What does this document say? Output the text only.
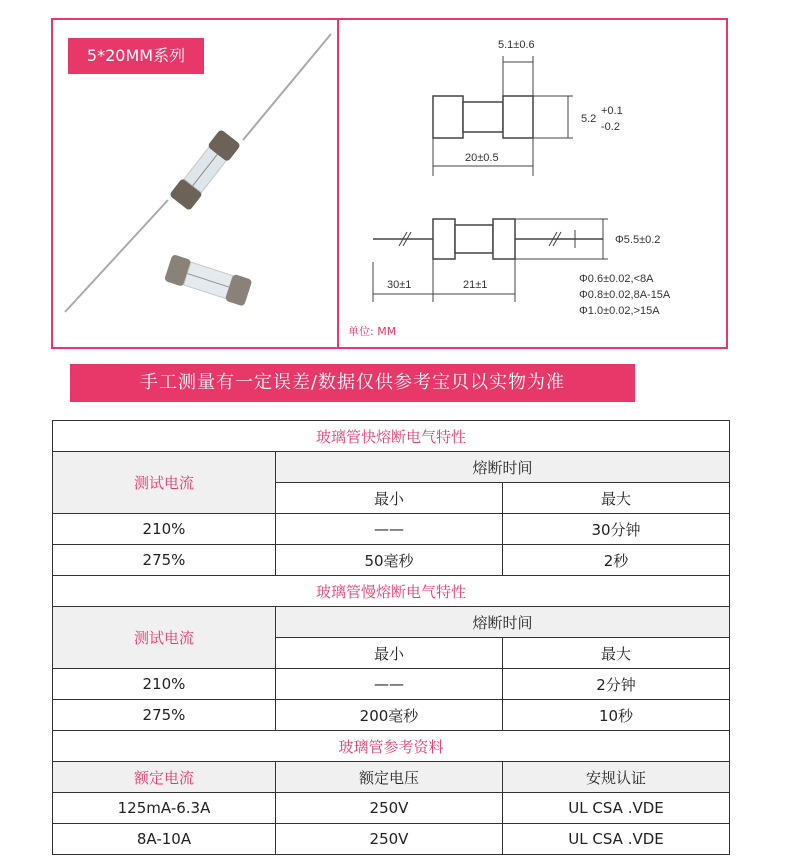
5*20MM系列
5.1±0.6
5.2
+0.1
-0.2
20±0.5
Φ5.5±0.2
30±1	21±1	Φ0.6±0.02,<8A
Φ0.8±0.02,8A-15A
Φ1.0±0.02,>15A
单位: MM
手工测量有一定误差/数据仅供参考宝贝以实物为准
玻璃管快熔断电气特性		
测试电流	熔断时间	
	最小	最大
210%	——	30分钟
275%	50毫秒	2秒
玻璃管慢熔断电气特性		
测试电流	熔断时间	
	最小	最大
210%	——	2分钟
275%	200毫秒	10秒
玻璃管参考资料		
额定电流	额定电压	安规认证
125mA-6.3A	250V	UL CSA .VDE
8A-10A	250V	UL CSA .VDE
